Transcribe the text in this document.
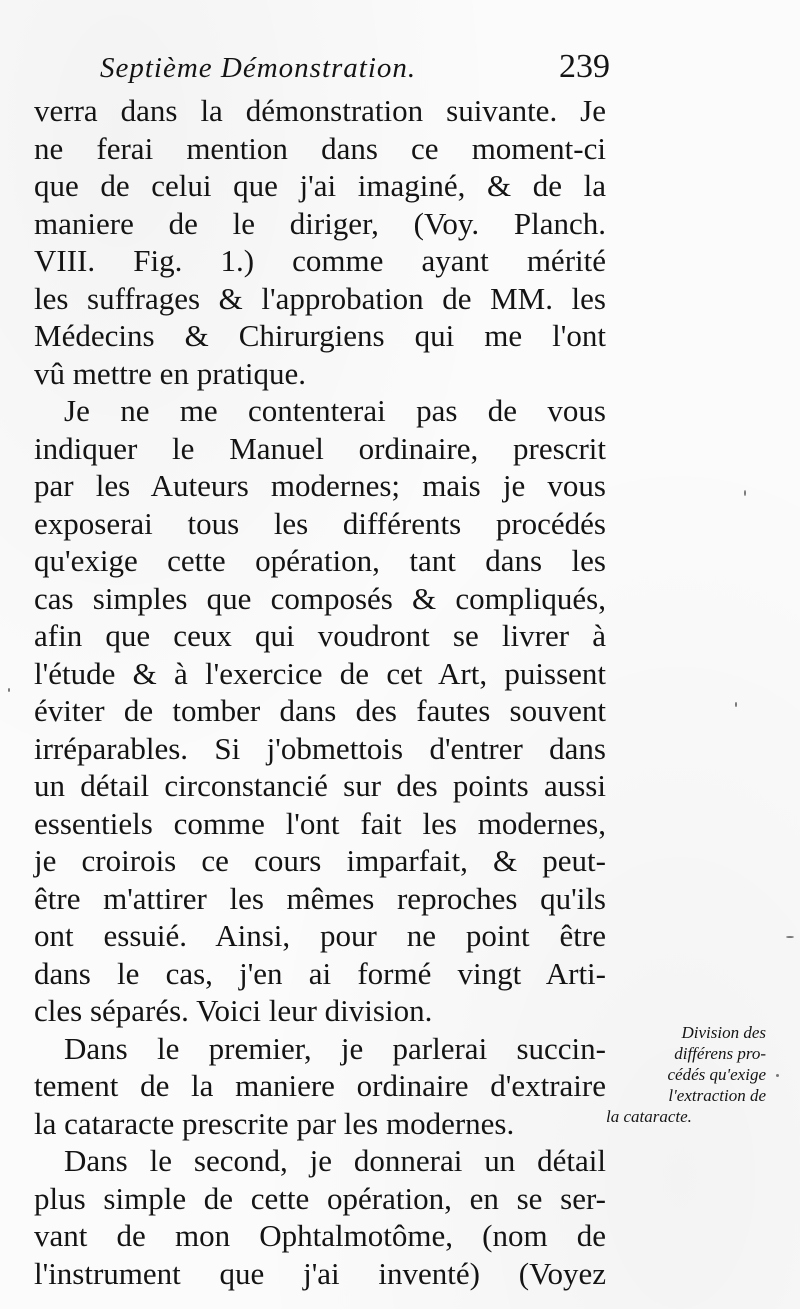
Septième Démonstration.	239
verra dans la démonstration suivante. Je
ne ferai mention dans ce moment-ci
que de celui que j'ai imaginé, & de la
maniere de le diriger, (Voy. Planch.
VIII. Fig. 1.) comme ayant mérité
les suffrages & l'approbation de MM. les
Médecins & Chirurgiens qui me l'ont
vû mettre en pratique.
Je ne me contenterai pas de vous
indiquer le Manuel ordinaire, prescrit
par les Auteurs modernes; mais je vous
exposerai tous les différents procédés
qu'exige cette opération, tant dans les
cas simples que composés & compliqués,
afin que ceux qui voudront se livrer à
l'étude & à l'exercice de cet Art, puissent
éviter de tomber dans des fautes souvent
irréparables. Si j'obmettois d'entrer dans
un détail circonstancié sur des points aussi
essentiels comme l'ont fait les modernes,
je croirois ce cours imparfait, & peut-
être m'attirer les mêmes reproches qu'ils
ont essuié. Ainsi, pour ne point être
dans le cas, j'en ai formé vingt Arti-
cles séparés. Voici leur division.
Dans le premier, je parlerai succin-
tement de la maniere ordinaire d'extraire
la cataracte prescrite par les modernes.
Dans le second, je donnerai un détail
plus simple de cette opération, en se ser-
vant de mon Ophtalmotôme, (nom de
l'instrument que j'ai inventé) (Voyez
Division des
différens pro-
cédés qu'exige
l'extraction de
la cataracte.
